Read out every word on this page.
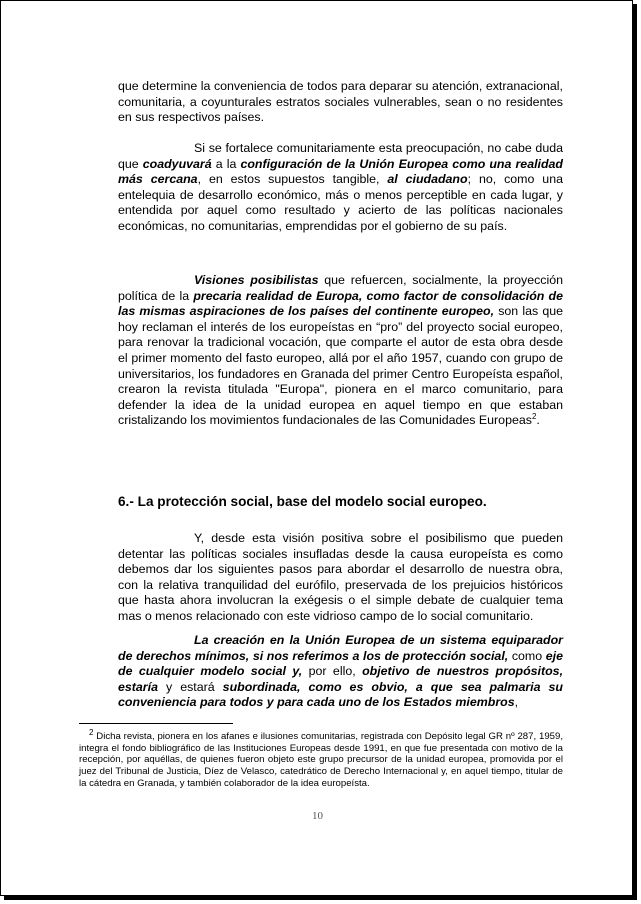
que determine la conveniencia de todos para deparar su atención, extranacional, comunitaria, a coyunturales estratos sociales vulnerables, sean o no residentes en sus respectivos países.

Si se fortalece comunitariamente esta preocupación, no cabe duda que coadyuvará a la configuración de la Unión Europea como una realidad más cercana, en estos supuestos tangible, al ciudadano; no, como una entelequia de desarrollo económico, más o menos perceptible en cada lugar, y entendida por aquel como resultado y acierto de las políticas nacionales económicas, no comunitarias, emprendidas por el gobierno de su país.

Visiones posibilistas que refuercen, socialmente, la proyección política de la precaria realidad de Europa, como factor de consolidación de las mismas aspiraciones de los países del continente europeo, son las que hoy reclaman el interés de los europeístas en “pro” del proyecto social europeo, para renovar la tradicional vocación, que comparte el autor de esta obra desde el primer momento del fasto europeo, allá por el año 1957, cuando con grupo de universitarios, los fundadores en Granada del primer Centro Europeísta español, crearon la revista titulada "Europa", pionera en el marco comunitario, para defender la idea de la unidad europea en aquel tiempo en que estaban cristalizando los movimientos fundacionales de las Comunidades Europeas$^2$.

6.- La protección social, base del modelo social europeo.

Y, desde esta visión positiva sobre el posibilismo que pueden detentar las políticas sociales insufladas desde la causa europeísta es como debemos dar los siguientes pasos para abordar el desarrollo de nuestra obra, con la relativa tranquilidad del eurófilo, preservada de los prejuicios históricos que hasta ahora involucran la exégesis o el simple debate de cualquier tema mas o menos relacionado con este vidrioso campo de lo social comunitario.

La creación en la Unión Europea de un sistema equiparador de derechos mínimos, si nos referimos a los de protección social, como eje de cualquier modelo social y, por ello, objetivo de nuestros propósitos, estaría y estará subordinada, como es obvio, a que sea palmaria su conveniencia para todos y para cada uno de los Estados miembros,

$^2$ Dicha revista, pionera en los afanes e ilusiones comunitarias, registrada con Depósito legal GR nº 287, 1959, integra el fondo bibliográfico de las Instituciones Europeas desde 1991, en que fue presentada con motivo de la recepción, por aquéllas, de quienes fueron objeto este grupo precursor de la unidad europea, promovida por el juez del Tribunal de Justicia, Díez de Velasco, catedrático de Derecho Internacional y, en aquel tiempo, titular de la cátedra en Granada, y también colaborador de la idea europeísta.
10
